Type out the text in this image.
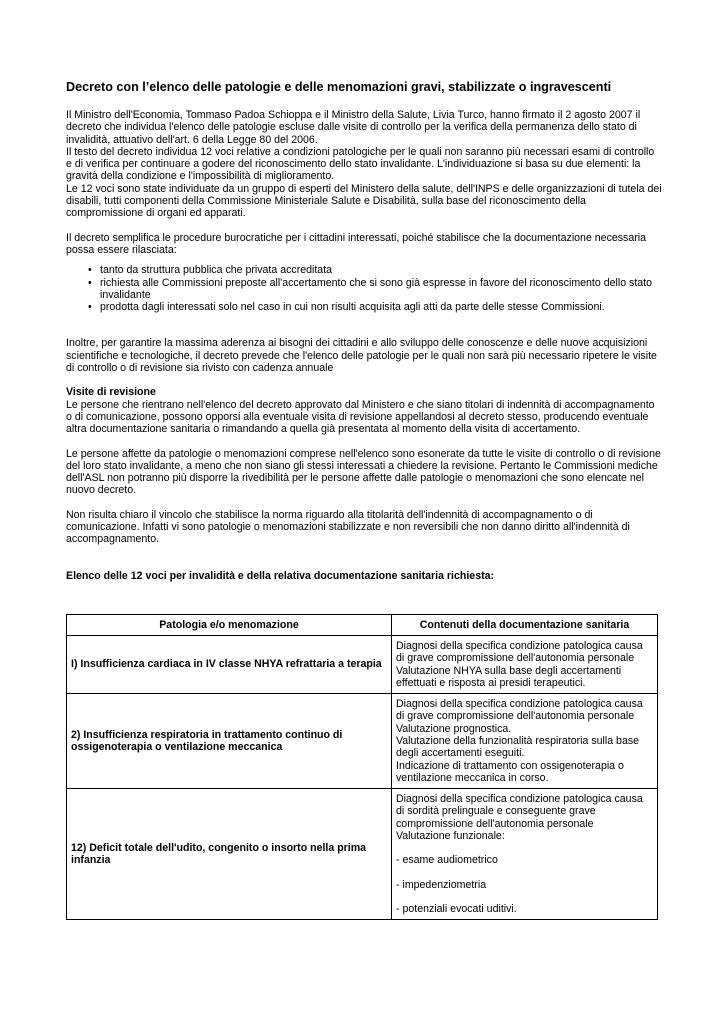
Decreto con l’elenco delle patologie e delle menomazioni gravi, stabilizzate o ingravescenti

Il Ministro dell'Economia, Tommaso Padoa Schioppa e il Ministro della Salute, Livia Turco, hanno firmato il 2 agosto 2007 il decreto che individua l'elenco delle patologie escluse dalle visite di controllo per la verifica della permanenza dello stato di invalidità, attuativo dell'art. 6 della Legge 80 del 2006.

Il testo del decreto individua 12 voci relative a condizioni patologiche per le quali non saranno più necessari esami di controllo e di verifica per continuare a godere del riconoscimento dello stato invalidante. L'individuazione si basa su due elementi: la gravità della condizione e l'impossibilità di miglioramento.

Le 12 voci sono state individuate da un gruppo di esperti del Ministero della salute, dell'INPS e delle organizzazioni di tutela dei disabili, tutti componenti della Commissione Ministeriale Salute e Disabilità, sulla base del riconoscimento della compromissione di organi ed apparati.

Il decreto semplifica le procedure burocratiche per i cittadini interessati, poiché stabilisce che la documentazione necessaria possa essere rilasciata:

• tanto da struttura pubblica che privata accreditata
• richiesta alle Commissioni preposte all'accertamento che si sono già espresse in favore del riconoscimento dello stato invalidante
• prodotta dagli interessati solo nel caso in cui non risulti acquisita agli atti da parte delle stesse Commissioni.

Inoltre, per garantire la massima aderenza ai bisogni dei cittadini e allo sviluppo delle conoscenze e delle nuove acquisizioni scientifiche e tecnologiche, il decreto prevede che l'elenco delle patologie per le quali non sarà più necessario ripetere le visite di controllo o di revisione sia rivisto con cadenza annuale

Visite di revisione

Le persone che rientrano nell'elenco del decreto approvato dal Ministero e che siano titolari di indennità di accompagnamento o di comunicazione, possono opporsi alla eventuale visita di revisione appellandosi al decreto stesso, producendo eventuale altra documentazione sanitaria o rimandando a quella già presentata al momento della visita di accertamento.

Le persone affette da patologie o menomazioni comprese nell'elenco sono esonerate da tutte le visite di controllo o di revisione del loro stato invalidante, a meno che non siano gli stessi interessati a chiedere la revisione. Pertanto le Commissioni mediche dell'ASL non potranno più disporre la rivedibilità per le persone affette dalle patologie o menomazioni che sono elencate nel nuovo decreto.

Non risulta chiaro il vincolo che stabilisce la norma riguardo alla titolarità dell'indennità di accompagnamento o di comunicazione. Infatti vi sono patologie o menomazioni stabilizzate e non reversibili che non danno diritto all'indennità di accompagnamento.

Elenco delle 12 voci per invalidità e della relativa documentazione sanitaria richiesta:

Patologia e/o menomazione	Contenuti della documentazione sanitaria
I) Insufficienza cardiaca in IV classe NHYA refrattaria a terapia	Diagnosi della specifica condizione patologica causa di grave compromissione dell'autonomia personale

Valutazione NHYA sulla base degli accertamenti effettuati e risposta ai presidi terapeutici.

2) Insufficienza respiratoria in trattamento continuo di ossigenoterapia o ventilazione meccanica	Diagnosi della specifica condizione patologica causa di grave compromissione dell'autonomia personale

Valutazione prognostica.

Valutazione della funzionalità respiratoria sulla base degli accertamenti eseguiti.

Indicazione di trattamento con ossigenoterapia o ventilazione meccanica in corso.

12) Deficit totale dell'udito, congenito o insorto nella prima infanzia	Diagnosi della specifica condizione patologica causa di sordità prelinguale e conseguente grave compromissione dell'autonomia personale

Valutazione funzionale:

- esame audiometrico

- impedenziometria

- potenziali evocati uditivi.
